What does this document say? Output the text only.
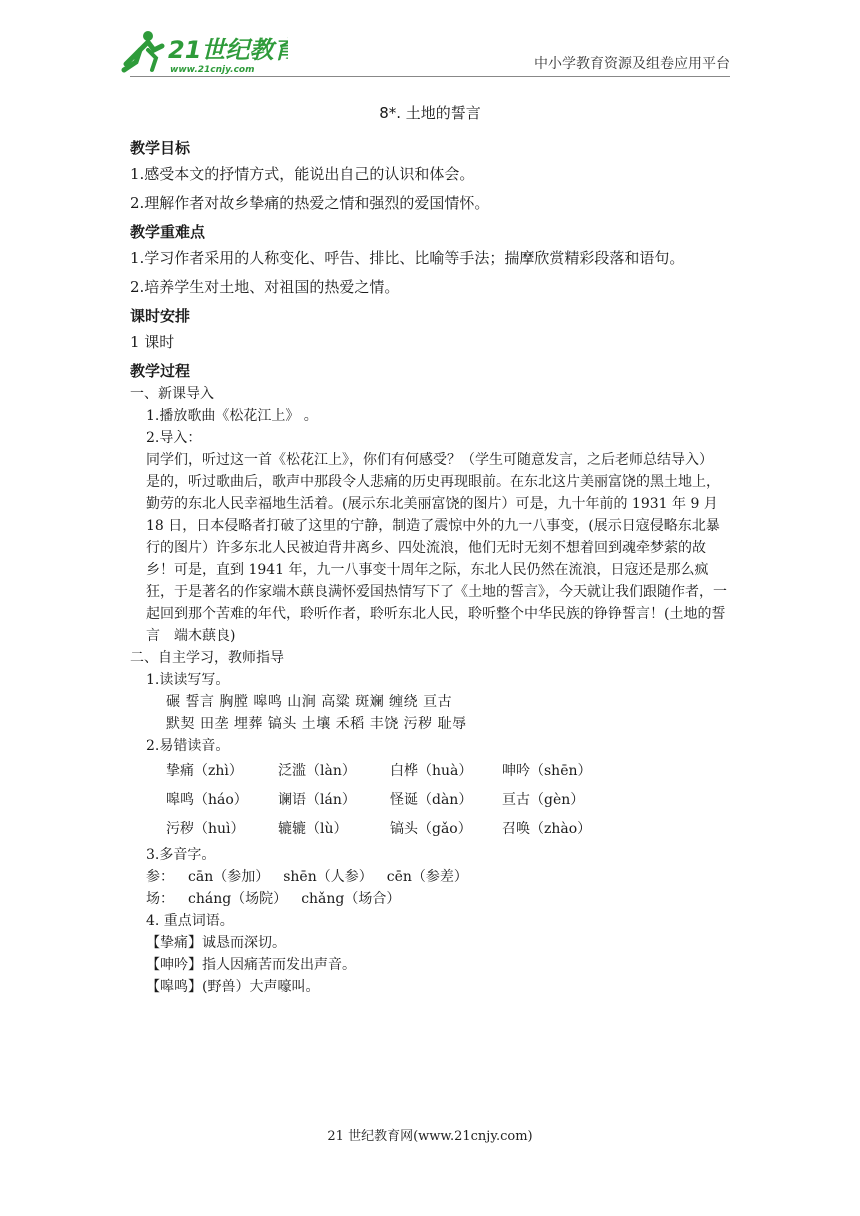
21世纪教育
www.21cnjy.com	中小学教育资源及组卷应用平台
8*. 土地的誓言
教学目标
1.感受本文的抒情方式，能说出自己的认识和体会。
2.理解作者对故乡挚痛的热爱之情和强烈的爱国情怀。
教学重难点
1.学习作者采用的人称变化、呼告、排比、比喻等手法；揣摩欣赏精彩段落和语句。
2.培养学生对土地、对祖国的热爱之情。
课时安排
1 课时
教学过程
一、新课导入
1.播放歌曲《松花江上》 。
2.导入：
同学们，听过这一首《松花江上》，你们有何感受？（学生可随意发言，之后老师总结导入）
是的，听过歌曲后，歌声中那段令人悲痛的历史再现眼前。在东北这片美丽富饶的黑土地上，勤劳的东北人民幸福地生活着。(展示东北美丽富饶的图片）可是，九十年前的 1931 年 9 月 18 日，日本侵略者打破了这里的宁静，制造了震惊中外的九一八事变，(展示日寇侵略东北暴行的图片）许多东北人民被迫背井离乡、四处流浪，他们无时无刻不想着回到魂牵梦萦的故乡！可是，直到 1941 年，九一八事变十周年之际，东北人民仍然在流浪，日寇还是那么疯狂，于是著名的作家端木蕻良满怀爱国热情写下了《土地的誓言》，今天就让我们跟随作者，一起回到那个苦难的年代，聆听作者，聆听东北人民，聆听整个中华民族的铮铮誓言！(土地的誓言　端木蕻良)
二、自主学习，教师指导
1.读读写写。
碾 誓言 胸膛 嗥鸣 山涧 高粱 斑斓 缠绕 亘古
默契 田垄 埋葬 镐头 土壤 禾稻 丰饶 污秽 耻辱
2.易错读音。
挚痛（zhì）	泛滥（làn）	白桦（huà）	呻吟（shēn）
嗥鸣（háo）	谰语（lán）	怪诞（dàn）	亘古（gèn）
污秽（huì）	辘辘（lù）	镐头（gǎo）	召唤（zhào）
3.多音字。
参： cān（参加） shēn（人参） cēn（参差）
场： cháng（场院） chǎng（场合）
4. 重点词语。
【挚痛】诚恳而深切。
【呻吟】指人因痛苦而发出声音。
【嗥鸣】(野兽）大声嚎叫。
21 世纪教育网(www.21cnjy.com)
